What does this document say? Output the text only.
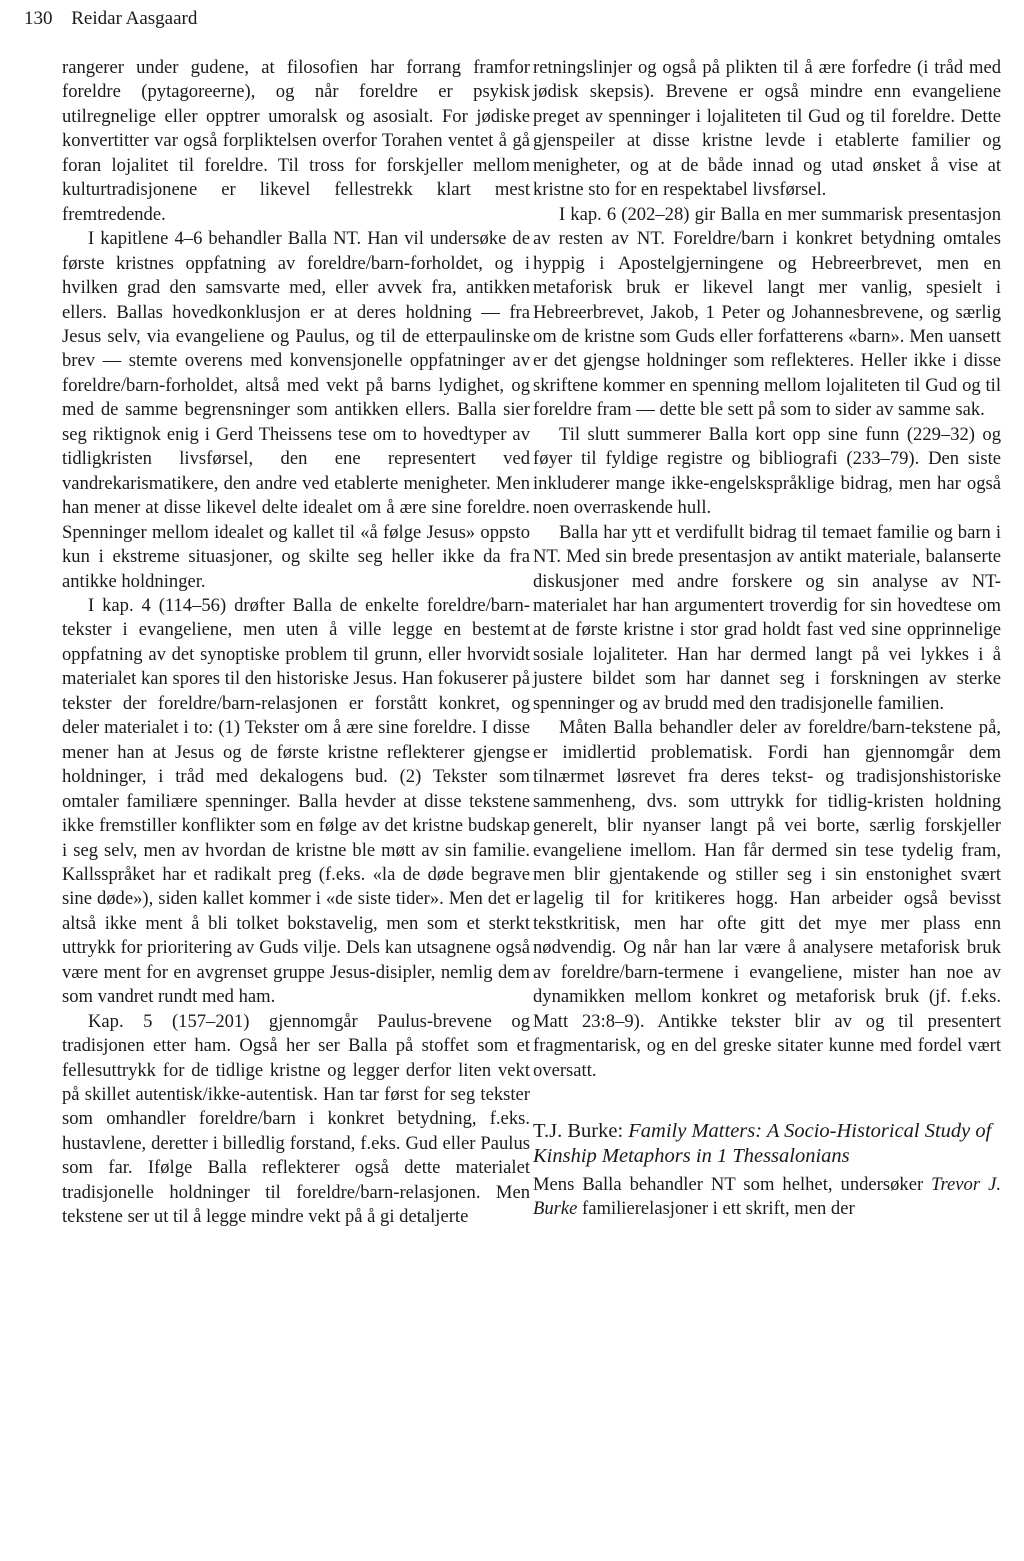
130 Reidar Aasgaard

rangerer under gudene, at filosofien har forrang framfor foreldre (pytagoreerne), og når foreldre er psykisk utilregnelige eller opptrer umoralsk og asosialt. For jødiske konvertitter var også forpliktelsen overfor Torahen ventet å gå foran lojalitet til foreldre. Til tross for forskjeller mellom kulturtradisjonene er likevel fellestrekk klart mest fremtredende.

I kapitlene 4–6 behandler Balla NT. Han vil undersøke de første kristnes oppfatning av foreldre/barn-forholdet, og i hvilken grad den samsvarte med, eller avvek fra, antikken ellers. Ballas hovedkonklusjon er at deres holdning — fra Jesus selv, via evangeliene og Paulus, og til de etterpaulinske brev — stemte overens med konvensjonelle oppfatninger av foreldre/barn-forholdet, altså med vekt på barns lydighet, og med de samme begrensninger som antikken ellers. Balla sier seg riktignok enig i Gerd Theissens tese om to hovedtyper av tidligkristen livsførsel, den ene representert ved vandrekarismatikere, den andre ved etablerte menigheter. Men han mener at disse likevel delte idealet om å ære sine foreldre. Spenninger mellom idealet og kallet til «å følge Jesus» oppsto kun i ekstreme situasjoner, og skilte seg heller ikke da fra antikke holdninger.

I kap. 4 (114–56) drøfter Balla de enkelte foreldre/barn-tekster i evangeliene, men uten å ville legge en bestemt oppfatning av det synoptiske problem til grunn, eller hvorvidt materialet kan spores til den historiske Jesus. Han fokuserer på tekster der foreldre/barn-relasjonen er forstått konkret, og deler materialet i to: (1) Tekster om å ære sine foreldre. I disse mener han at Jesus og de første kristne reflekterer gjengse holdninger, i tråd med dekalogens bud. (2) Tekster som omtaler familiære spenninger. Balla hevder at disse tekstene ikke fremstiller konflikter som en følge av det kristne budskap i seg selv, men av hvordan de kristne ble møtt av sin familie. Kallsspråket har et radikalt preg (f.eks. «la de døde begrave sine døde»), siden kallet kommer i «de siste tider». Men det er altså ikke ment å bli tolket bokstavelig, men som et sterkt uttrykk for prioritering av Guds vilje. Dels kan utsagnene også være ment for en avgrenset gruppe Jesus-disipler, nemlig dem som vandret rundt med ham.

Kap. 5 (157–201) gjennomgår Paulus-brevene og tradisjonen etter ham. Også her ser Balla på stoffet som et fellesuttrykk for de tidlige kristne og legger derfor liten vekt på skillet autentisk/ikke-autentisk. Han tar først for seg tekster som omhandler foreldre/barn i konkret betydning, f.eks. hustavlene, deretter i billedlig forstand, f.eks. Gud eller Paulus som far. Ifølge Balla reflekterer også dette materialet tradisjonelle holdninger til foreldre/barn-relasjonen. Men tekstene ser ut til å legge mindre vekt på å gi detaljerte

retningslinjer og også på plikten til å ære forfedre (i tråd med jødisk skepsis). Brevene er også mindre enn evangeliene preget av spenninger i lojaliteten til Gud og til foreldre. Dette gjenspeiler at disse kristne levde i etablerte familier og menigheter, og at de både innad og utad ønsket å vise at kristne sto for en respektabel livsførsel.

I kap. 6 (202–28) gir Balla en mer summarisk presentasjon av resten av NT. Foreldre/barn i konkret betydning omtales hyppig i Apostelgjerningene og Hebreerbrevet, men en metaforisk bruk er likevel langt mer vanlig, spesielt i Hebreerbrevet, Jakob, 1 Peter og Johannesbrevene, og særlig om de kristne som Guds eller forfatterens «barn». Men uansett er det gjengse holdninger som reflekteres. Heller ikke i disse skriftene kommer en spenning mellom lojaliteten til Gud og til foreldre fram — dette ble sett på som to sider av samme sak.

Til slutt summerer Balla kort opp sine funn (229–32) og føyer til fyldige registre og bibliografi (233–79). Den siste inkluderer mange ikke-engelskspråklige bidrag, men har også noen overraskende hull.

Balla har ytt et verdifullt bidrag til temaet familie og barn i NT. Med sin brede presentasjon av antikt materiale, balanserte diskusjoner med andre forskere og sin analyse av NT-materialet har han argumentert troverdig for sin hovedtese om at de første kristne i stor grad holdt fast ved sine opprinnelige sosiale lojaliteter. Han har dermed langt på vei lykkes i å justere bildet som har dannet seg i forskningen av sterke spenninger og av brudd med den tradisjonelle familien.

Måten Balla behandler deler av foreldre/barn-tekstene på, er imidlertid problematisk. Fordi han gjennomgår dem tilnærmet løsrevet fra deres tekst- og tradisjonshistoriske sammenheng, dvs. som uttrykk for tidlig-kristen holdning generelt, blir nyanser langt på vei borte, særlig forskjeller evangeliene imellom. Han får dermed sin tese tydelig fram, men blir gjentakende og stiller seg i sin enstonighet svært lagelig til for kritikeres hogg. Han arbeider også bevisst tekstkritisk, men har ofte gitt det mye mer plass enn nødvendig. Og når han lar være å analysere metaforisk bruk av foreldre/barn-termene i evangeliene, mister han noe av dynamikken mellom konkret og metaforisk bruk (jf. f.eks. Matt 23:8–9). Antikke tekster blir av og til presentert fragmentarisk, og en del greske sitater kunne med fordel vært oversatt.

T.J. Burke: Family Matters: A Socio-Historical Study of Kinship Metaphors in 1 Thessalonians

Mens Balla behandler NT som helhet, undersøker Trevor J. Burke familierelasjoner i ett skrift, men der
